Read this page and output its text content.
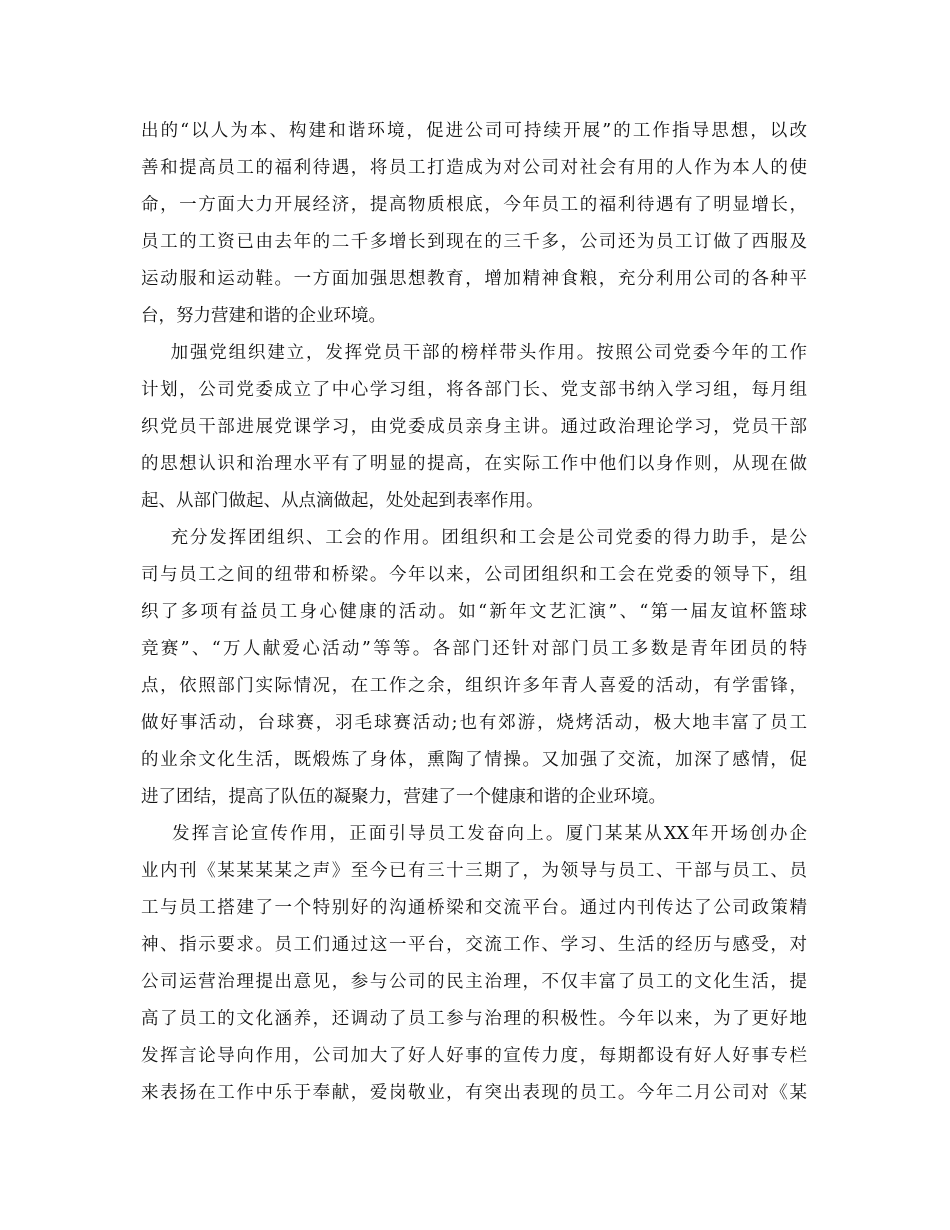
出的“以人为本、构建和谐环境，促进公司可持续开展”的工作指导思想，以改
善和提高员工的福利待遇，将员工打造成为对公司对社会有用的人作为本人的使
命，一方面大力开展经济，提高物质根底，今年员工的福利待遇有了明显增长，
员工的工资已由去年的二千多增长到现在的三千多，公司还为员工订做了西服及
运动服和运动鞋。一方面加强思想教育，增加精神食粮，充分利用公司的各种平
台，努力营建和谐的企业环境。
加强党组织建立，发挥党员干部的榜样带头作用。按照公司党委今年的工作
计划，公司党委成立了中心学习组，将各部门长、党支部书纳入学习组，每月组
织党员干部进展党课学习，由党委成员亲身主讲。通过政治理论学习，党员干部
的思想认识和治理水平有了明显的提高，在实际工作中他们以身作则，从现在做
起、从部门做起、从点滴做起，处处起到表率作用。
充分发挥团组织、工会的作用。团组织和工会是公司党委的得力助手，是公
司与员工之间的纽带和桥梁。今年以来，公司团组织和工会在党委的领导下，组
织了多项有益员工身心健康的活动。如“新年文艺汇演”、“第一届友谊杯篮球
竞赛”、“万人献爱心活动”等等。各部门还针对部门员工多数是青年团员的特
点，依照部门实际情况，在工作之余，组织许多年青人喜爱的活动，有学雷锋，
做好事活动，台球赛，羽毛球赛活动;也有郊游，烧烤活动，极大地丰富了员工
的业余文化生活，既煅炼了身体，熏陶了情操。又加强了交流，加深了感情，促
进了团结，提高了队伍的凝聚力，营建了一个健康和谐的企业环境。
发挥言论宣传作用，正面引导员工发奋向上。厦门某某从XX年开场创办企
业内刊《某某某某之声》至今已有三十三期了，为领导与员工、干部与员工、员
工与员工搭建了一个特别好的沟通桥梁和交流平台。通过内刊传达了公司政策精
神、指示要求。员工们通过这一平台，交流工作、学习、生活的经历与感受，对
公司运营治理提出意见，参与公司的民主治理，不仅丰富了员工的文化生活，提
高了员工的文化涵养，还调动了员工参与治理的积极性。今年以来，为了更好地
发挥言论导向作用，公司加大了好人好事的宣传力度，每期都设有好人好事专栏
来表扬在工作中乐于奉献，爱岗敬业，有突出表现的员工。今年二月公司对《某
